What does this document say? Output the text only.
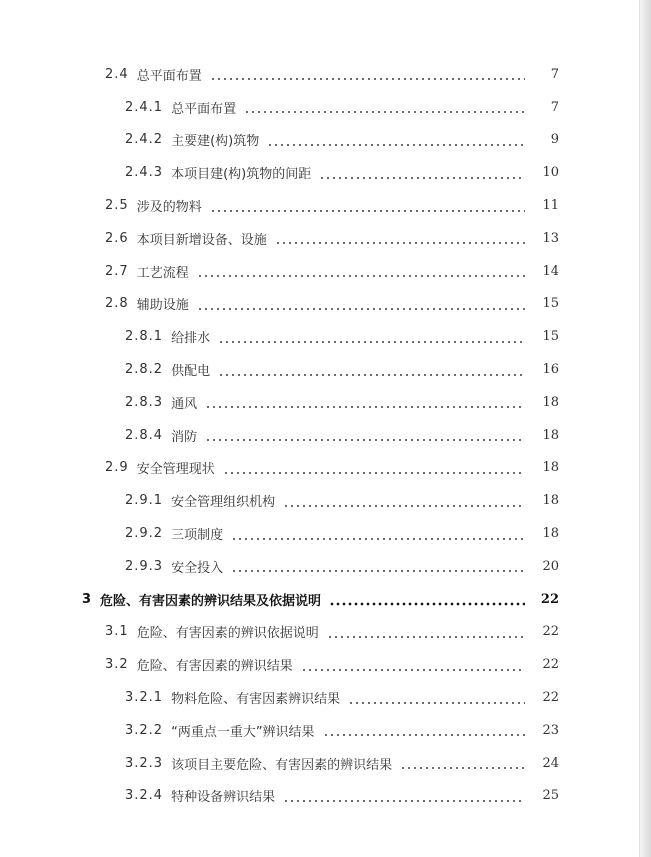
2.4 总平面布置	7
2.4.1 总平面布置	7
2.4.2 主要建(构)筑物	9
2.4.3 本项目建(构)筑物的间距	10
2.5 涉及的物料	11
2.6 本项目新增设备、设施	13
2.7 工艺流程	14
2.8 辅助设施	15
2.8.1 给排水	15
2.8.2 供配电	16
2.8.3 通风	18
2.8.4 消防	18
2.9 安全管理现状	18
2.9.1 安全管理组织机构	18
2.9.2 三项制度	18
2.9.3 安全投入	20
3 危险、有害因素的辨识结果及依据说明	22
3.1 危险、有害因素的辨识依据说明	22
3.2 危险、有害因素的辨识结果	22
3.2.1 物料危险、有害因素辨识结果	22
3.2.2 “两重点一重大”辨识结果	23
3.2.3 该项目主要危险、有害因素的辨识结果	24
3.2.4 特种设备辨识结果	25
